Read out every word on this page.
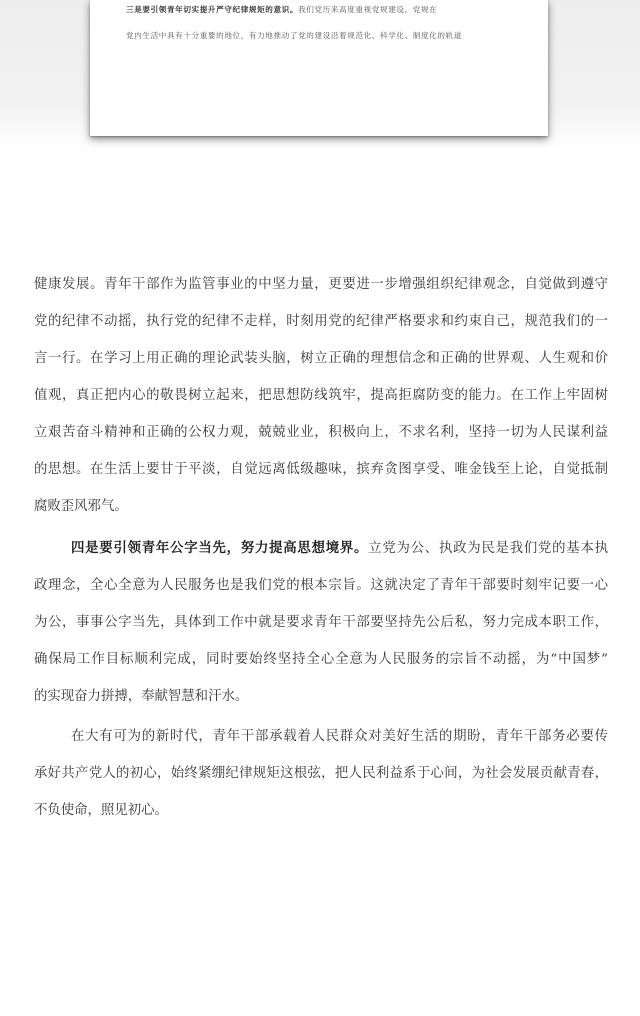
三是要引领青年切实提升严守纪律规矩的意识。我们党历来高度重视党规建设，党规在
党内生活中具有十分重要的地位，有力地推动了党的建设沿着规范化、科学化、制度化的轨道
健康发展。青年干部作为监管事业的中坚力量，更要进一步增强组织纪律观念，自觉做到遵守
党的纪律不动摇，执行党的纪律不走样，时刻用党的纪律严格要求和约束自己，规范我们的一
言一行。在学习上用正确的理论武装头脑，树立正确的理想信念和正确的世界观、人生观和价
值观，真正把内心的敬畏树立起来，把思想防线筑牢，提高拒腐防变的能力。在工作上牢固树
立艰苦奋斗精神和正确的公权力观，兢兢业业，积极向上，不求名利，坚持一切为人民谋利益
的思想。在生活上要甘于平淡，自觉远离低级趣味，摈弃贪图享受、唯金钱至上论，自觉抵制
腐败歪风邪气。
四是要引领青年公字当先，努力提高思想境界。立党为公、执政为民是我们党的基本执
政理念，全心全意为人民服务也是我们党的根本宗旨。这就决定了青年干部要时刻牢记要一心
为公，事事公字当先，具体到工作中就是要求青年干部要坚持先公后私，努力完成本职工作，
确保局工作目标顺利完成，同时要始终坚持全心全意为人民服务的宗旨不动摇，为“中国梦”
的实现奋力拼搏，奉献智慧和汗水。
在大有可为的新时代，青年干部承载着人民群众对美好生活的期盼，青年干部务必要传
承好共产党人的初心，始终紧绷纪律规矩这根弦，把人民利益系于心间，为社会发展贡献青春，
不负使命，照见初心。
